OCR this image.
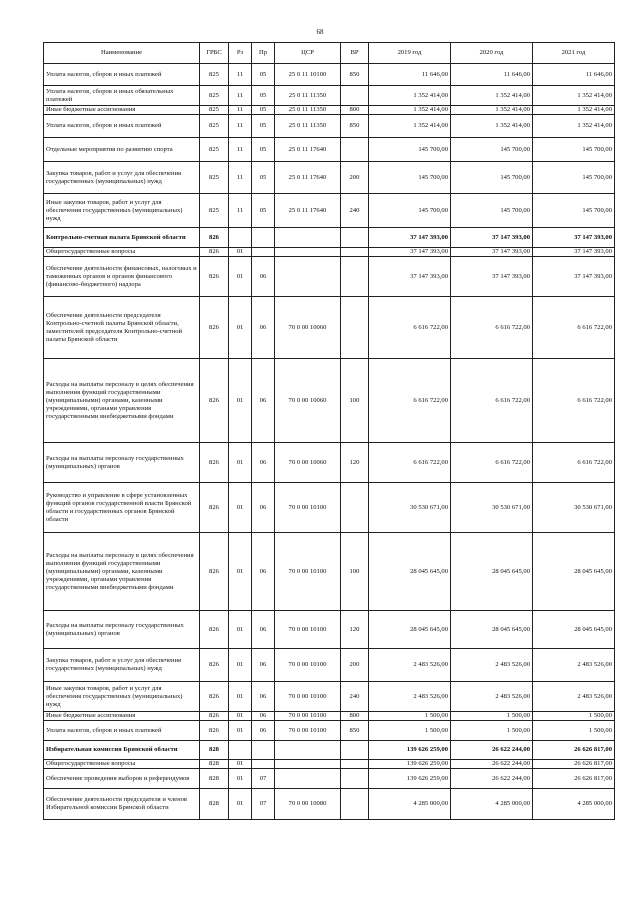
68
Наименование	ГРБС	Рз	Пр	ЦСР	ВР	2019 год	2020 год	2021 год
Уплата налогов, сборов и иных платежей	825	11	05	25 0 11 10100	850	11 646,00	11 646,00	11 646,00
Уплата налогов, сборов и иных обязательных платежей	825	11	05	25 0 11 11350		1 352 414,00	1 352 414,00	1 352 414,00
Иные бюджетные ассигнования	825	11	05	25 0 11 11350	800	1 352 414,00	1 352 414,00	1 352 414,00
Уплата налогов, сборов и иных платежей	825	11	05	25 0 11 11350	850	1 352 414,00	1 352 414,00	1 352 414,00
Отдельные мероприятия по развитию спорта	825	11	05	25 0 11 17640		145 700,00	145 700,00	145 700,00
Закупка товаров, работ и услуг для обеспечения государственных (муниципальных) нужд	825	11	05	25 0 11 17640	200	145 700,00	145 700,00	145 700,00
Иные закупки товаров, работ и услуг для обеспечения государственных (муниципальных) нужд	825	11	05	25 0 11 17640	240	145 700,00	145 700,00	145 700,00
Контрольно-счетная палата Брянской области	826					37 147 393,00	37 147 393,00	37 147 393,00
Общегосударственные вопросы	826	01				37 147 393,00	37 147 393,00	37 147 393,00
Обеспечение деятельности финансовых, налоговых и таможенных органов и органов финансового (финансово-бюджетного) надзора	826	01	06			37 147 393,00	37 147 393,00	37 147 393,00
Обеспечение деятельности председателя Контрольно-счетной палаты Брянской области, заместителей председателя Контрольно-счетной палаты Брянской области	826	01	06	70 0 00 10060		6 616 722,00	6 616 722,00	6 616 722,00
Расходы на выплаты персоналу в целях обеспечения выполнения функций государственными (муниципальными) органами, казенными учреждениями, органами управления государственными внебюджетными фондами	826	01	06	70 0 00 10060	100	6 616 722,00	6 616 722,00	6 616 722,00
Расходы на выплаты персоналу государственных (муниципальных) органов	826	01	06	70 0 00 10060	120	6 616 722,00	6 616 722,00	6 616 722,00
Руководство и управление в сфере установленных функций органов государственной власти Брянской области и государственных органов Брянской области	826	01	06	70 0 00 10100		30 530 671,00	30 530 671,00	30 530 671,00
Расходы на выплаты персоналу в целях обеспечения выполнения функций государственными (муниципальными) органами, казенными учреждениями, органами управления государственными внебюджетными фондами	826	01	06	70 0 00 10100	100	28 045 645,00	28 045 645,00	28 045 645,00
Расходы на выплаты персоналу государственных (муниципальных) органов	826	01	06	70 0 00 10100	120	28 045 645,00	28 045 645,00	28 045 645,00
Закупка товаров, работ и услуг для обеспечения государственных (муниципальных) нужд	826	01	06	70 0 00 10100	200	2 483 526,00	2 483 526,00	2 483 526,00
Иные закупки товаров, работ и услуг для обеспечения государственных (муниципальных) нужд	826	01	06	70 0 00 10100	240	2 483 526,00	2 483 526,00	2 483 526,00
Иные бюджетные ассигнования	826	01	06	70 0 00 10100	800	1 500,00	1 500,00	1 500,00
Уплата налогов, сборов и иных платежей	826	01	06	70 0 00 10100	850	1 500,00	1 500,00	1 500,00
Избирательная комиссия Брянской области	828					139 626 259,00	26 622 244,00	26 626 817,00
Общегосударственные вопросы	828	01				139 626 259,00	26 622 244,00	26 626 817,00
Обеспечение проведения выборов и референдумов	828	01	07			139 626 259,00	26 622 244,00	26 626 817,00
Обеспечение деятельности председателя и членов Избирательной комиссии Брянской области	828	01	07	70 0 00 10080		4 285 000,00	4 285 000,00	4 285 000,00
